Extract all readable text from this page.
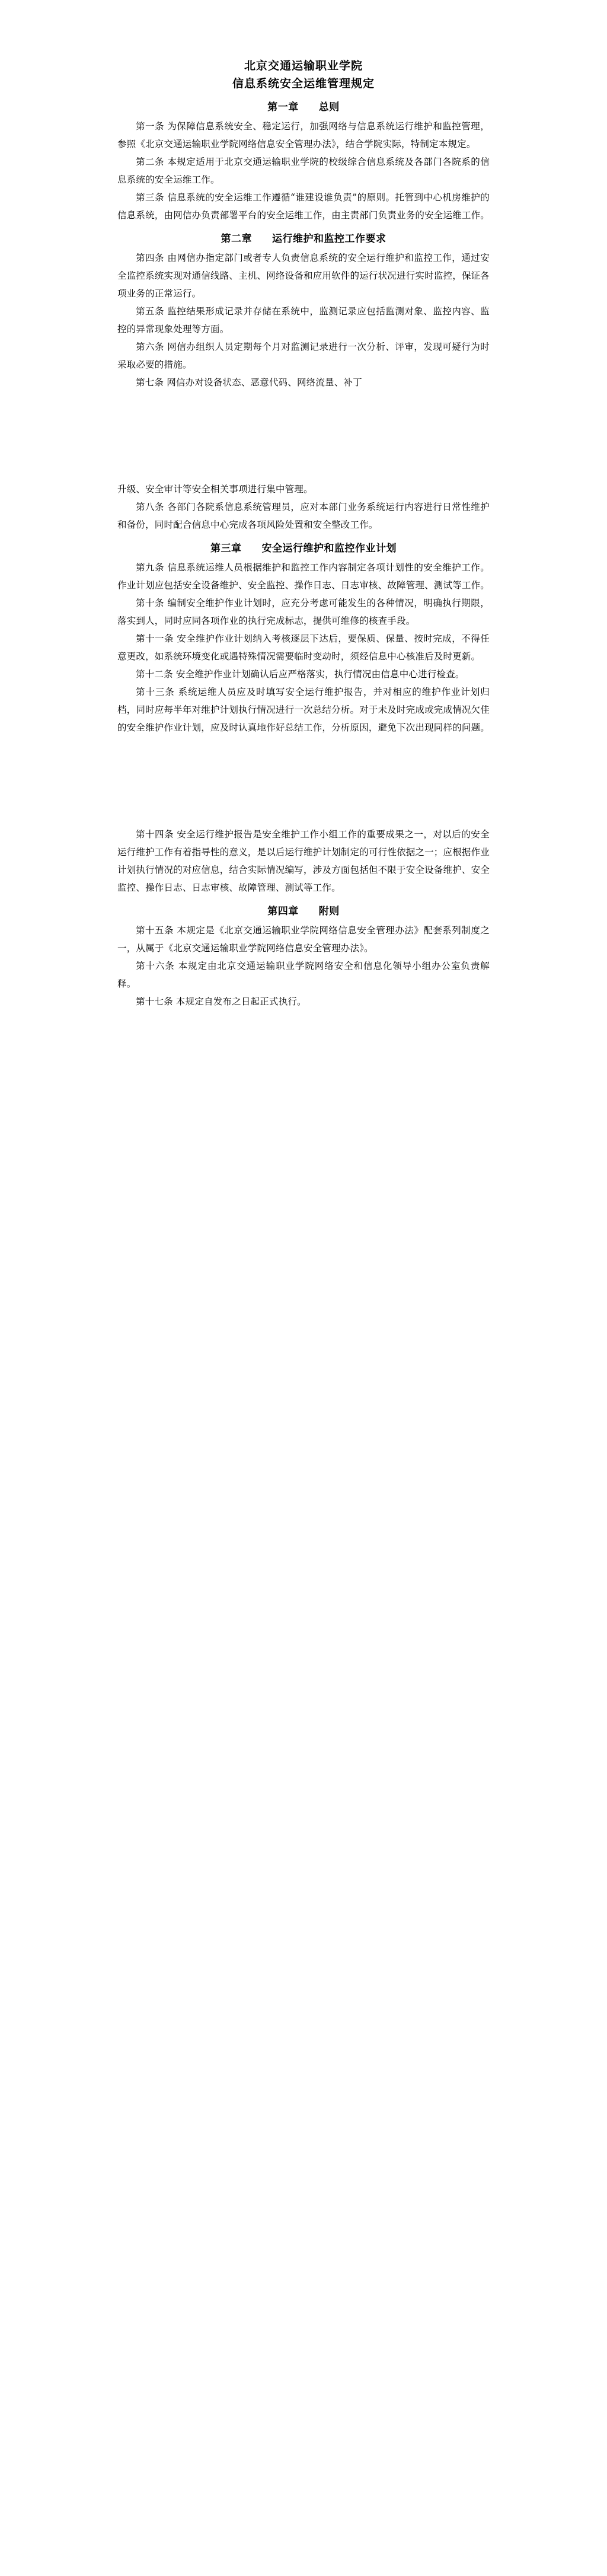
北京交通运输职业学院
信息系统安全运维管理规定
第一章 总则

第一条 为保障信息系统安全、稳定运行，加强网络与信息系统运行维护和监控管理，参照《北京交通运输职业学院网络信息安全管理办法》，结合学院实际，特制定本规定。

第二条 本规定适用于北京交通运输职业学院的校级综合信息系统及各部门各院系的信息系统的安全运维工作。

第三条 信息系统的安全运维工作遵循“谁建设谁负责”的原则。托管到中心机房维护的信息系统，由网信办负责部署平台的安全运维工作，由主责部门负责业务的安全运维工作。

第二章 运行维护和监控工作要求

第四条 由网信办指定部门或者专人负责信息系统的安全运行维护和监控工作，通过安全监控系统实现对通信线路、主机、网络设备和应用软件的运行状况进行实时监控，保证各项业务的正常运行。

第五条 监控结果形成记录并存储在系统中，监测记录应包括监测对象、监控内容、监控的异常现象处理等方面。

第六条 网信办组织人员定期每个月对监测记录进行一次分析、评审，发现可疑行为时采取必要的措施。

第七条 网信办对设备状态、恶意代码、网络流量、补丁

升级、安全审计等安全相关事项进行集中管理。

第八条 各部门各院系信息系统管理员，应对本部门业务系统运行内容进行日常性维护和备份，同时配合信息中心完成各项风险处置和安全整改工作。

第三章 安全运行维护和监控作业计划

第九条 信息系统运维人员根据维护和监控工作内容制定各项计划性的安全维护工作。作业计划应包括安全设备维护、安全监控、操作日志、日志审核、故障管理、测试等工作。

第十条 编制安全维护作业计划时，应充分考虑可能发生的各种情况，明确执行期限，落实到人，同时应同各项作业的执行完成标志，提供可维修的核查手段。

第十一条 安全维护作业计划纳入考核逐层下达后，要保质、保量、按时完成，不得任意更改，如系统环境变化或遇特殊情况需要临时变动时，须经信息中心核准后及时更新。

第十二条 安全维护作业计划确认后应严格落实，执行情况由信息中心进行检查。

第十三条 系统运维人员应及时填写安全运行维护报告，并对相应的维护作业计划归档，同时应每半年对维护计划执行情况进行一次总结分析。对于未及时完成或完成情况欠佳的安全维护作业计划，应及时认真地作好总结工作，分析原因，避免下次出现同样的问题。

第十四条 安全运行维护报告是安全维护工作小组工作的重要成果之一，对以后的安全运行维护工作有着指导性的意义，是以后运行维护计划制定的可行性依据之一；应根据作业计划执行情况的对应信息，结合实际情况编写，涉及方面包括但不限于安全设备维护、安全监控、操作日志、日志审核、故障管理、测试等工作。

第四章 附则

第十五条 本规定是《北京交通运输职业学院网络信息安全管理办法》配套系列制度之一，从属于《北京交通运输职业学院网络信息安全管理办法》。

第十六条 本规定由北京交通运输职业学院网络安全和信息化领导小组办公室负责解释。

第十七条 本规定自发布之日起正式执行。
